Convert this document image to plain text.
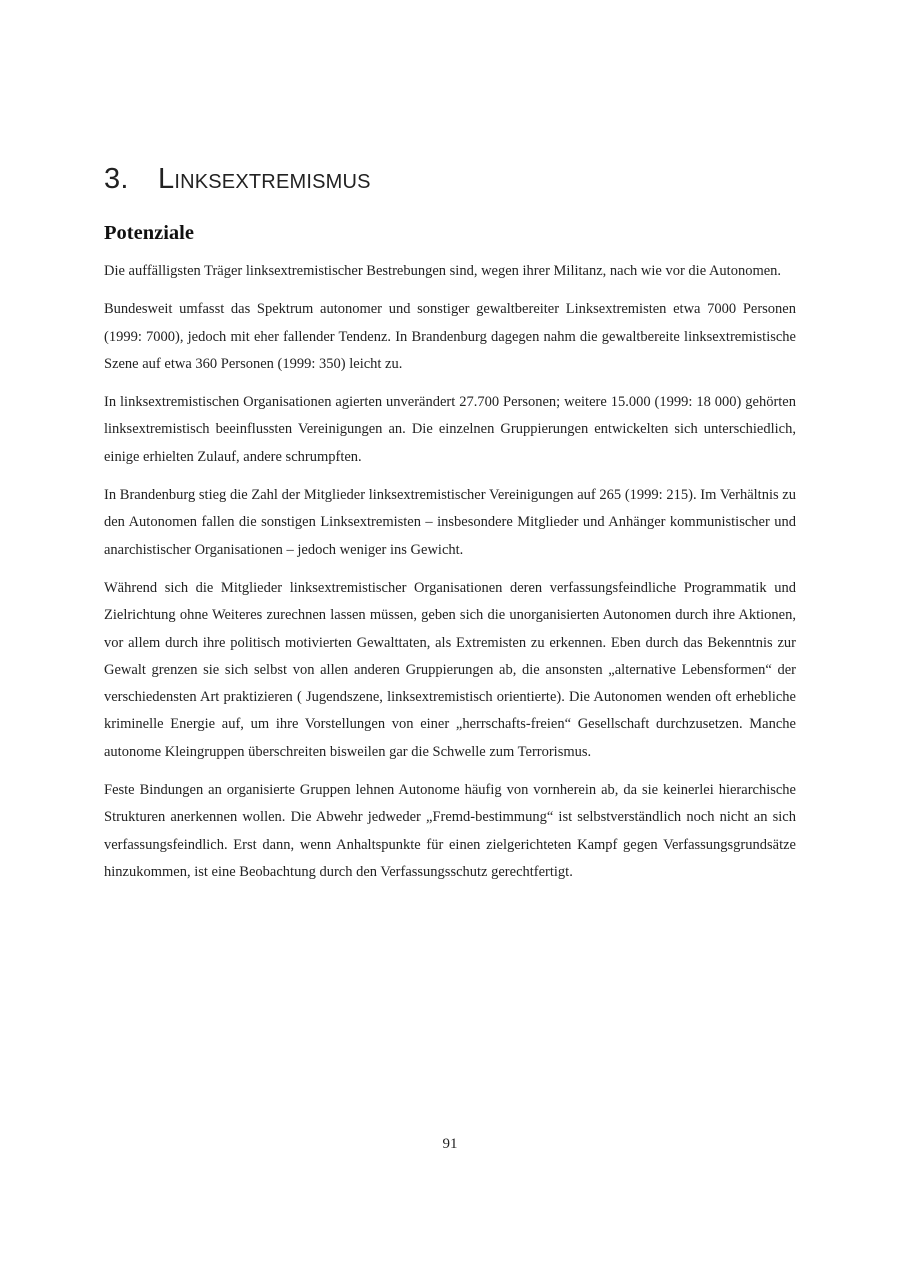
3. Linksextremismus
Potenziale

Die auffälligsten Träger linksextremistischer Bestrebungen sind, wegen ihrer Militanz, nach wie vor die Autonomen.

Bundesweit umfasst das Spektrum autonomer und sonstiger gewaltbereiter Linksextremisten etwa 7000 Personen (1999: 7000), jedoch mit eher fallender Tendenz. In Brandenburg dagegen nahm die gewaltbereite linksextremistische Szene auf etwa 360 Personen (1999: 350) leicht zu.

In linksextremistischen Organisationen agierten unverändert 27.700 Personen; weitere 15.000 (1999: 18 000) gehörten linksextremistisch beeinflussten Vereinigungen an. Die einzelnen Gruppierungen entwickelten sich unterschiedlich, einige erhielten Zulauf, andere schrumpften.

In Brandenburg stieg die Zahl der Mitglieder linksextremistischer Vereinigungen auf 265 (1999: 215). Im Verhältnis zu den Autonomen fallen die sonstigen Linksextremisten – insbesondere Mitglieder und Anhänger kommunistischer und anarchistischer Organisationen – jedoch weniger ins Gewicht.

Während sich die Mitglieder linksextremistischer Organisationen deren verfassungsfeindliche Programmatik und Zielrichtung ohne Weiteres zurechnen lassen müssen, geben sich die unorganisierten Autonomen durch ihre Aktionen, vor allem durch ihre politisch motivierten Gewalttaten, als Extremisten zu erkennen. Eben durch das Bekenntnis zur Gewalt grenzen sie sich selbst von allen anderen Gruppierungen ab, die ansonsten „alternative Lebensformen“ der verschiedensten Art praktizieren ( Jugendszene, linksextremistisch orientierte). Die Autonomen wenden oft erhebliche kriminelle Energie auf, um ihre Vorstellungen von einer „herrschafts-freien“ Gesellschaft durchzusetzen. Manche autonome Kleingruppen überschreiten bisweilen gar die Schwelle zum Terrorismus.

Feste Bindungen an organisierte Gruppen lehnen Autonome häufig von vornherein ab, da sie keinerlei hierarchische Strukturen anerkennen wollen. Die Abwehr jedweder „Fremd-bestimmung“ ist selbstverständlich noch nicht an sich verfassungsfeindlich. Erst dann, wenn Anhaltspunkte für einen zielgerichteten Kampf gegen Verfassungsgrundsätze hinzukommen, ist eine Beobachtung durch den Verfassungsschutz gerechtfertigt.

91
